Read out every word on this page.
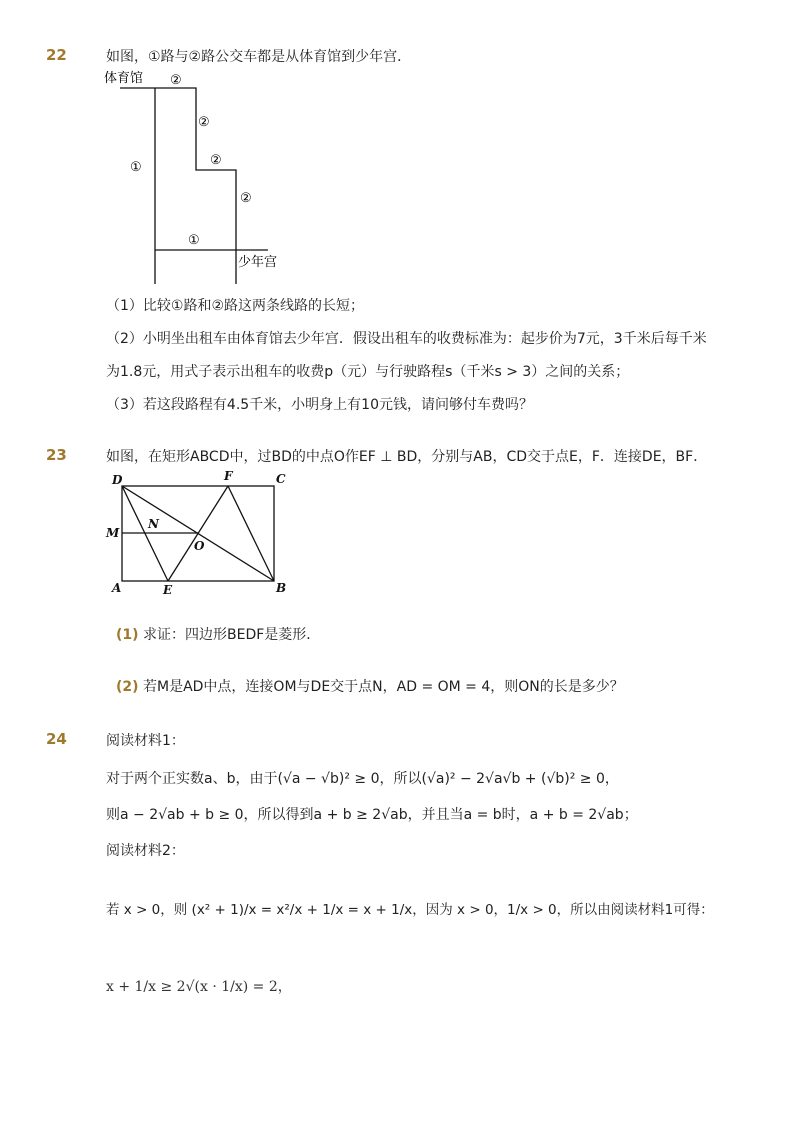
22	如图，①路与②路公交车都是从体育馆到少年宫．
体育馆
少年宫
②
②
②
②
①
①
（1）比较①路和②路这两条线路的长短；
（2）小明坐出租车由体育馆去少年宫．假设出租车的收费标准为：起步价为7元，3千米后每千米
为1.8元，用式子表示出租车的收费p（元）与行驶路程s（千米s > 3）之间的关系；
（3）若这段路程有4.5千米，小明身上有10元钱，请问够付车费吗？
23	如图，在矩形ABCD中，过BD的中点O作EF ⊥ BD，分别与AB，CD交于点E，F．连接DE，BF．
D	F	C
M
N
O
A	E	B
(1) 求证：四边形BEDF是菱形．
(2) 若M是AD中点，连接OM与DE交于点N，AD = OM = 4，则ON的长是多少？
24	阅读材料1：
对于两个正实数a、b，由于(√a − √b)² ≥ 0，所以(√a)² − 2√a√b + (√b)² ≥ 0，
则a − 2√ab + b ≥ 0，所以得到a + b ≥ 2√ab，并且当a = b时，a + b = 2√ab；
阅读材料2：
若 x > 0，则 (x² + 1)/x = x²/x + 1/x = x + 1/x，因为 x > 0，1/x > 0，所以由阅读材料1可得：
x + 1/x ≥ 2√(x · 1/x) = 2，
